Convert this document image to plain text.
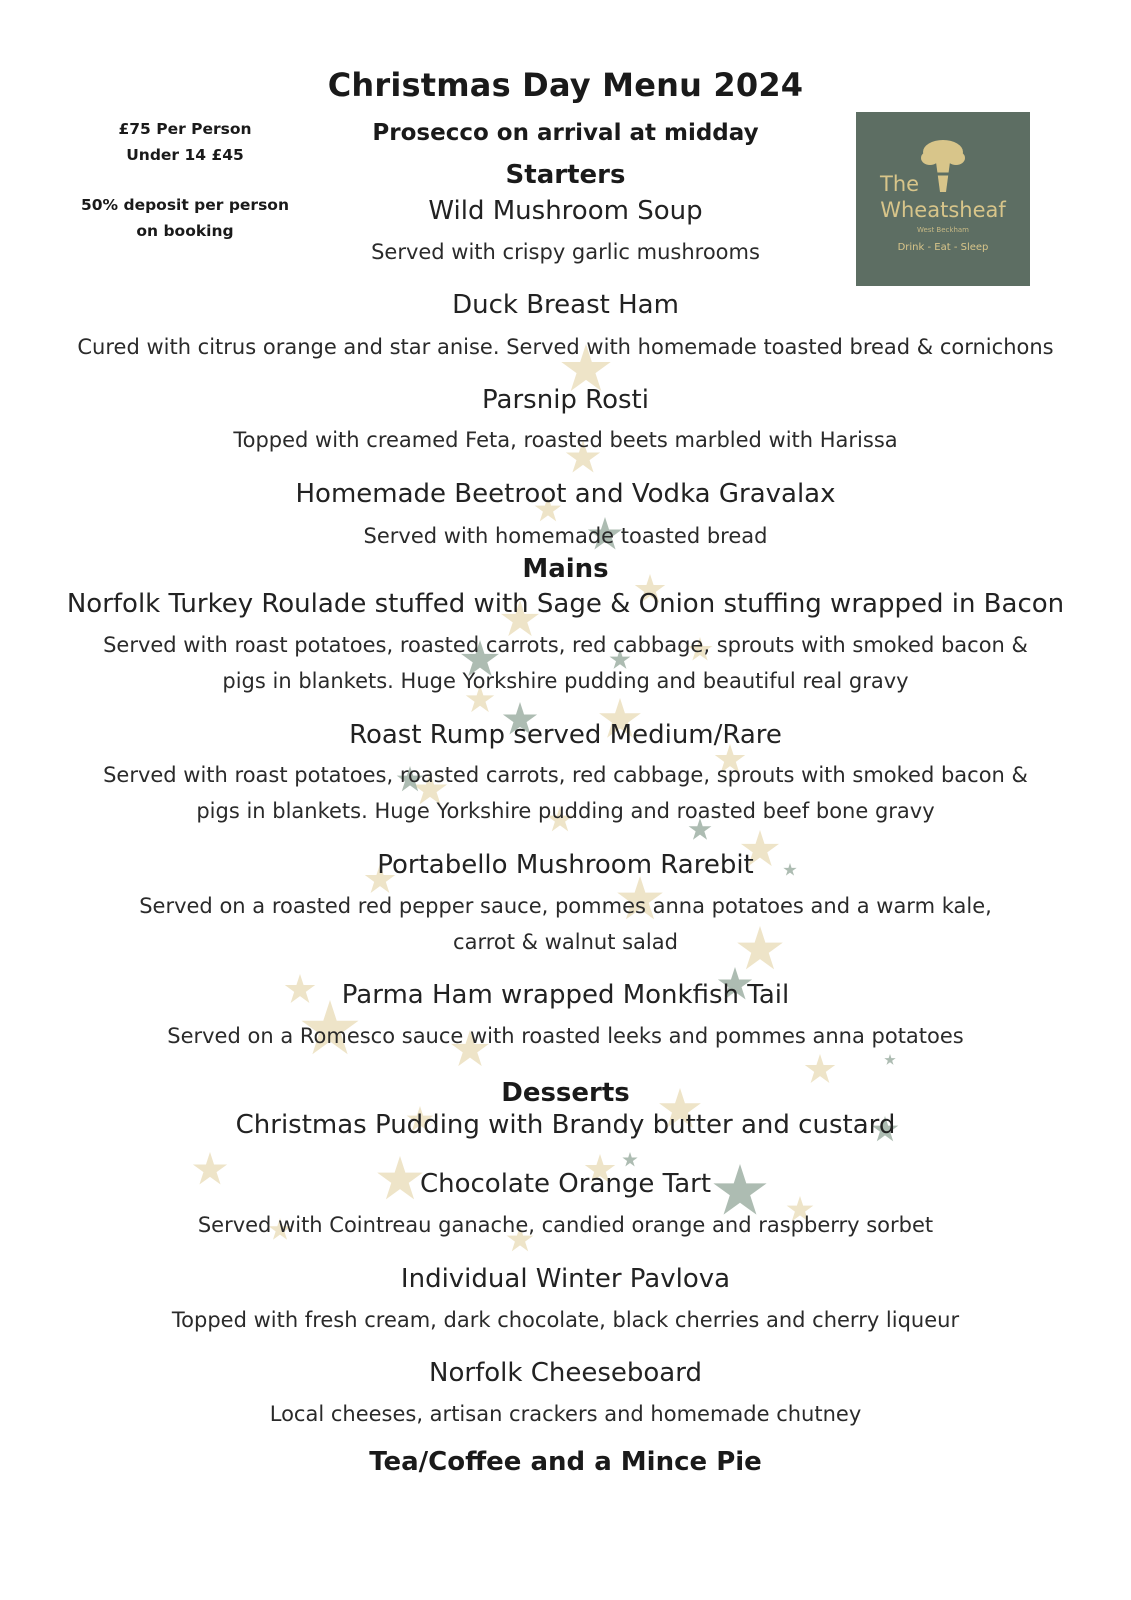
Christmas Day Menu 2024
£75 Per Person
Under 14 £45
50% deposit per person
on booking
The
Wheatsheaf
West Beckham
Drink - Eat - Sleep
Prosecco on arrival at midday
Starters
Wild Mushroom Soup
Served with crispy garlic mushrooms
Duck Breast Ham
Cured with citrus orange and star anise. Served with homemade toasted bread & cornichons
Parsnip Rosti
Topped with creamed Feta, roasted beets marbled with Harissa
Homemade Beetroot and Vodka Gravalax
Served with homemade toasted bread
Mains
Norfolk Turkey Roulade stuffed with Sage & Onion stuffing wrapped in Bacon
Served with roast potatoes, roasted carrots, red cabbage, sprouts with smoked bacon &
pigs in blankets. Huge Yorkshire pudding and beautiful real gravy
Roast Rump served Medium/Rare
Served with roast potatoes, roasted carrots, red cabbage, sprouts with smoked bacon &
pigs in blankets. Huge Yorkshire pudding and roasted beef bone gravy
Portabello Mushroom Rarebit
Served on a roasted red pepper sauce, pommes anna potatoes and a warm kale,
carrot & walnut salad
Parma Ham wrapped Monkfish Tail
Served on a Romesco sauce with roasted leeks and pommes anna potatoes
Desserts
Christmas Pudding with Brandy butter and custard
Chocolate Orange Tart
Served with Cointreau ganache, candied orange and raspberry sorbet
Individual Winter Pavlova
Topped with fresh cream, dark chocolate, black cherries and cherry liqueur
Norfolk Cheeseboard
Local cheeses, artisan crackers and homemade chutney
Tea/Coffee and a Mince Pie
